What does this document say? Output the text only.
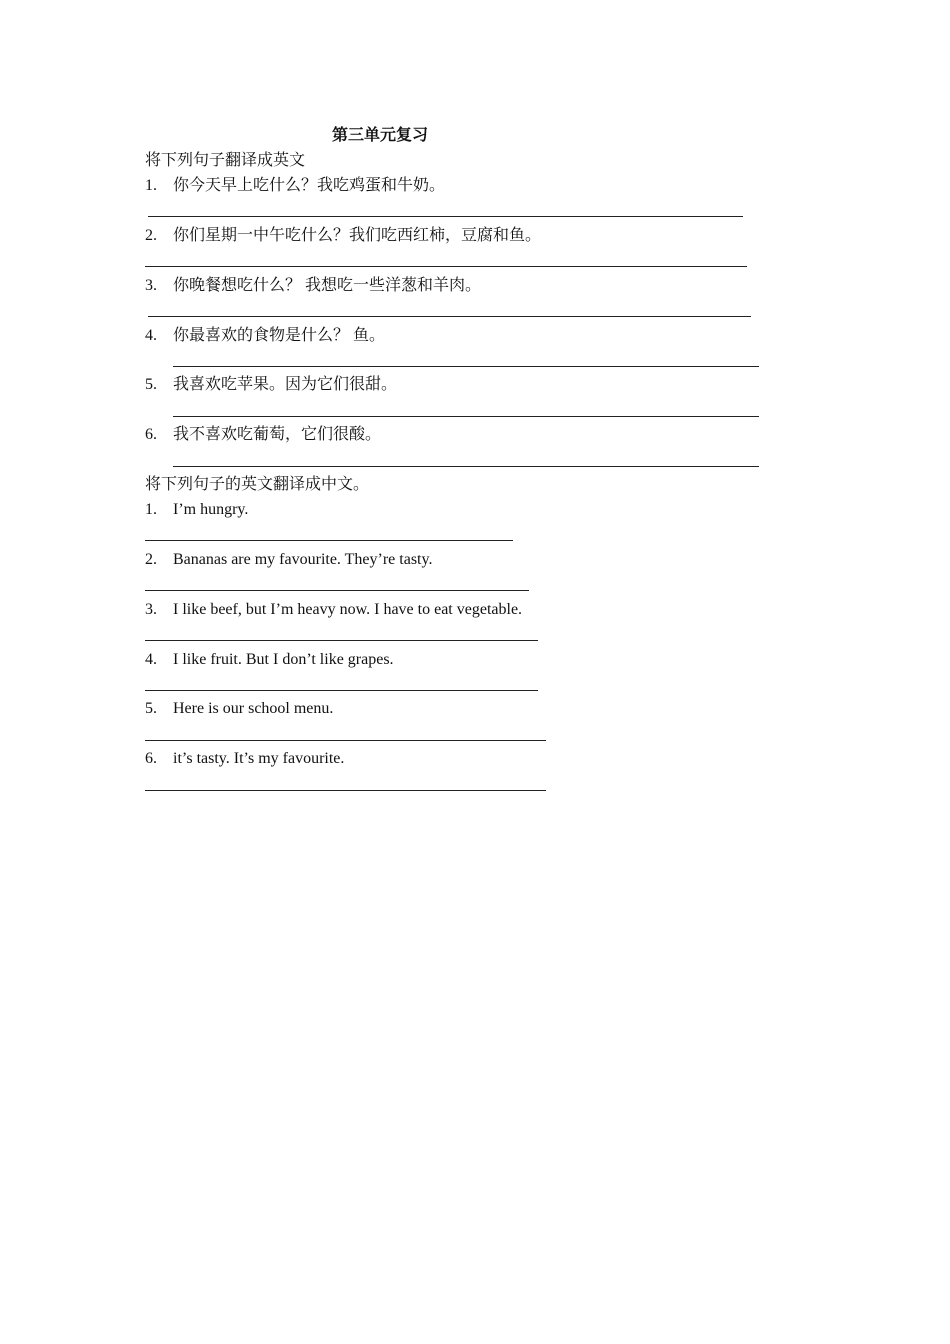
第三单元复习
将下列句子翻译成英文
1. 你今天早上吃什么？我吃鸡蛋和牛奶。
2. 你们星期一中午吃什么？我们吃西红柿，豆腐和鱼。
3. 你晚餐想吃什么？ 我想吃一些洋葱和羊肉。
4. 你最喜欢的食物是什么？ 鱼。
5. 我喜欢吃苹果。因为它们很甜。
6. 我不喜欢吃葡萄，它们很酸。
将下列句子的英文翻译成中文。
1. I’m hungry.
2. Bananas are my favourite. They’re tasty.
3. I like beef, but I’m heavy now. I have to eat vegetable.
4. I like fruit. But I don’t like grapes.
5. Here is our school menu.
6. it’s tasty. It’s my favourite.
